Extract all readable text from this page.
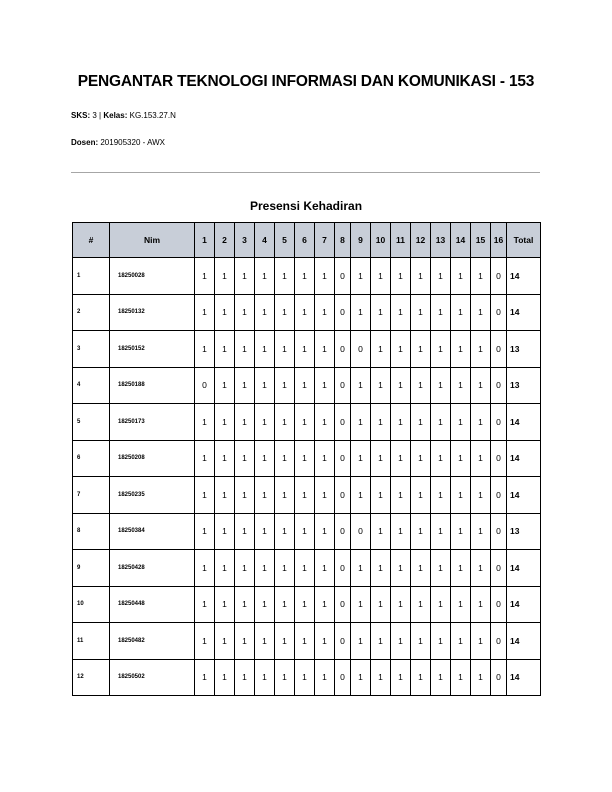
PENGANTAR TEKNOLOGI INFORMASI DAN KOMUNIKASI - 153
SKS: 3 | Kelas: KG.153.27.N
Dosen: 201905320 - AWX
Presensi Kehadiran
#	Nim	1	2	3	4	5	6	7	8	9	10	11	12	13	14	15	16	Total
1	18250028	1	1	1	1	1	1	1	0	1	1	1	1	1	1	1	0	14
2	18250132	1	1	1	1	1	1	1	0	1	1	1	1	1	1	1	0	14
3	18250152	1	1	1	1	1	1	1	0	0	1	1	1	1	1	1	0	13
4	18250188	0	1	1	1	1	1	1	0	1	1	1	1	1	1	1	0	13
5	18250173	1	1	1	1	1	1	1	0	1	1	1	1	1	1	1	0	14
6	18250208	1	1	1	1	1	1	1	0	1	1	1	1	1	1	1	0	14
7	18250235	1	1	1	1	1	1	1	0	1	1	1	1	1	1	1	0	14
8	18250384	1	1	1	1	1	1	1	0	0	1	1	1	1	1	1	0	13
9	18250428	1	1	1	1	1	1	1	0	1	1	1	1	1	1	1	0	14
10	18250448	1	1	1	1	1	1	1	0	1	1	1	1	1	1	1	0	14
11	18250482	1	1	1	1	1	1	1	0	1	1	1	1	1	1	1	0	14
12	18250502	1	1	1	1	1	1	1	0	1	1	1	1	1	1	1	0	14
